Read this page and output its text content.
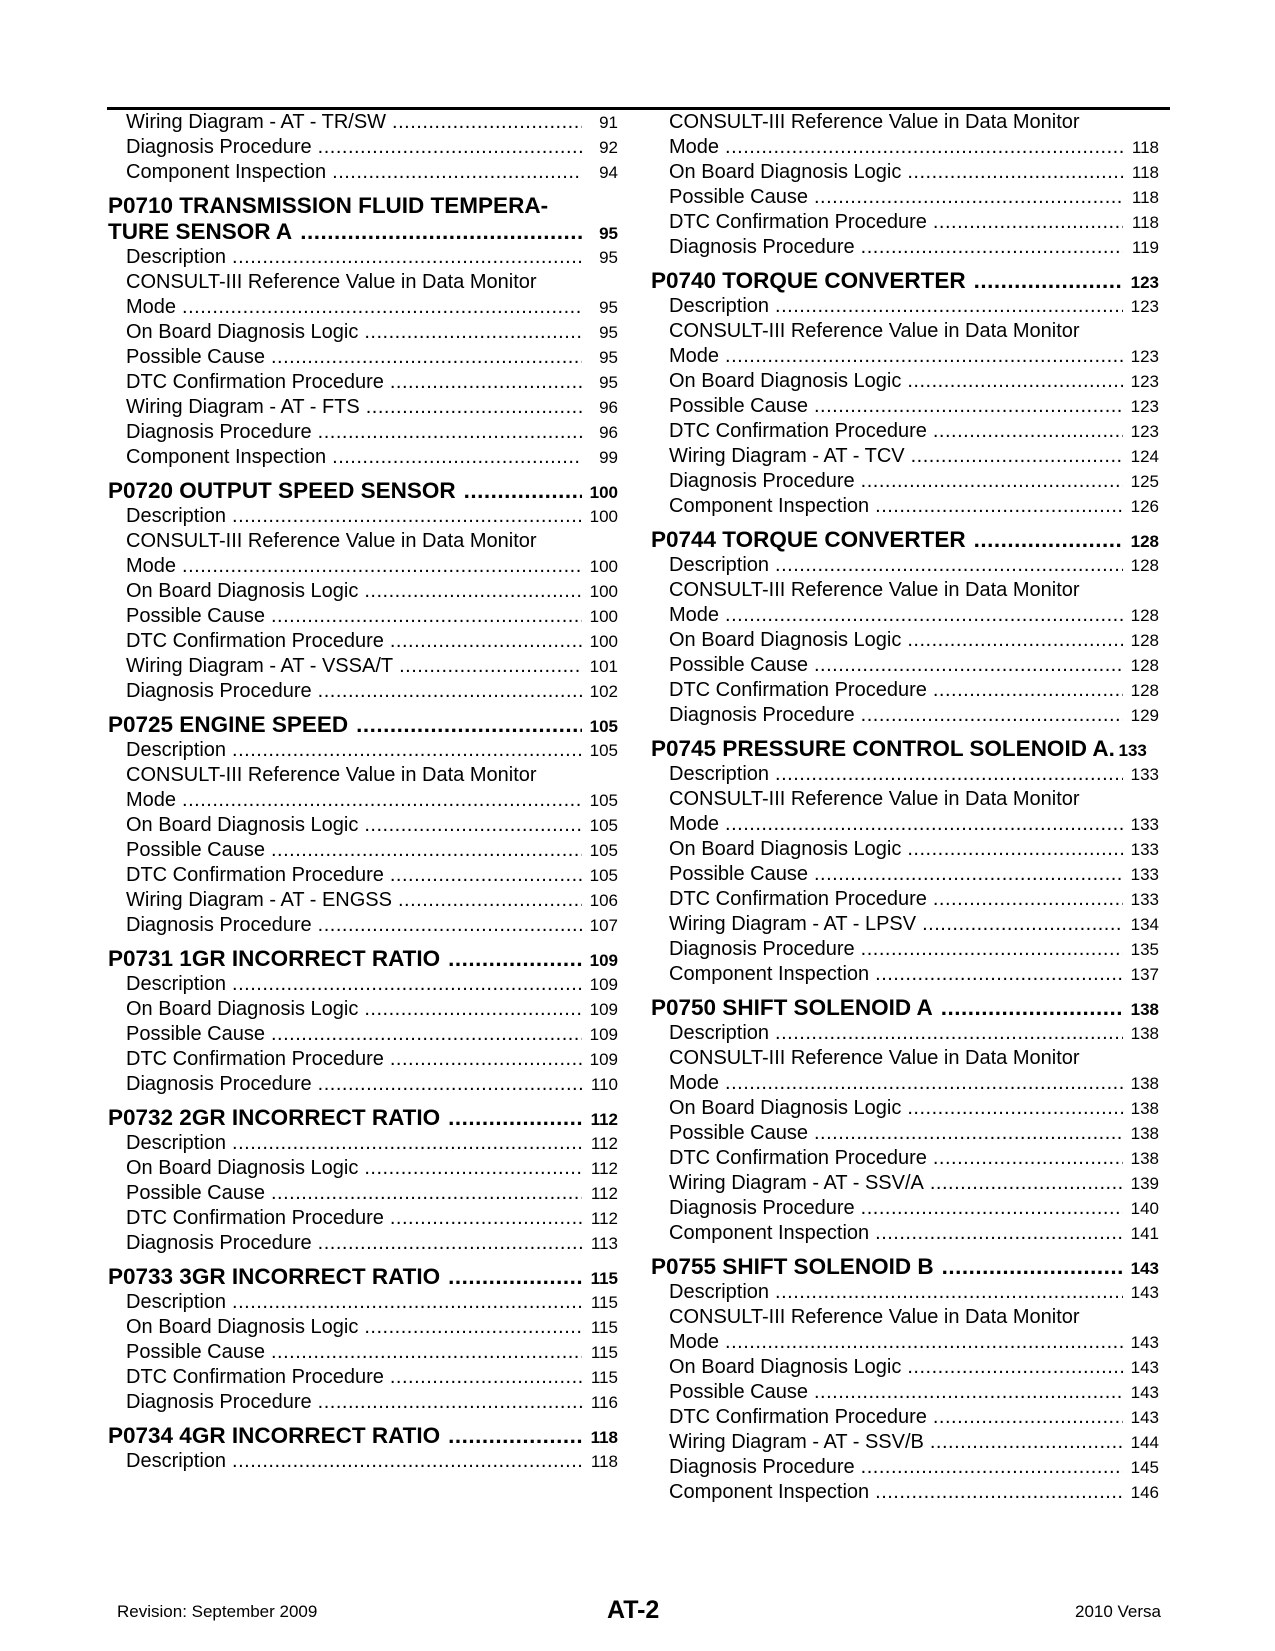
Wiring Diagram - AT - TR/SW .....	91
Diagnosis Procedure .....	92
Component Inspection .....	94
P0710 TRANSMISSION FLUID TEMPERA-
TURE SENSOR A .....	95
Description .....	95
CONSULT-III Reference Value in Data Monitor
Mode .....	95
On Board Diagnosis Logic .....	95
Possible Cause .....	95
DTC Confirmation Procedure .....	95
Wiring Diagram - AT - FTS .....	96
Diagnosis Procedure .....	96
Component Inspection .....	99
P0720 OUTPUT SPEED SENSOR .....	100
Description .....	100
CONSULT-III Reference Value in Data Monitor
Mode .....	100
On Board Diagnosis Logic .....	100
Possible Cause .....	100
DTC Confirmation Procedure .....	100
Wiring Diagram - AT - VSSA/T .....	101
Diagnosis Procedure .....	102
P0725 ENGINE SPEED .....	105
Description .....	105
CONSULT-III Reference Value in Data Monitor
Mode .....	105
On Board Diagnosis Logic .....	105
Possible Cause .....	105
DTC Confirmation Procedure .....	105
Wiring Diagram - AT - ENGSS .....	106
Diagnosis Procedure .....	107
P0731 1GR INCORRECT RATIO .....	109
Description .....	109
On Board Diagnosis Logic .....	109
Possible Cause .....	109
DTC Confirmation Procedure .....	109
Diagnosis Procedure .....	110
P0732 2GR INCORRECT RATIO .....	112
Description .....	112
On Board Diagnosis Logic .....	112
Possible Cause .....	112
DTC Confirmation Procedure .....	112
Diagnosis Procedure .....	113
P0733 3GR INCORRECT RATIO .....	115
Description .....	115
On Board Diagnosis Logic .....	115
Possible Cause .....	115
DTC Confirmation Procedure .....	115
Diagnosis Procedure .....	116
P0734 4GR INCORRECT RATIO .....	118
Description .....	118
CONSULT-III Reference Value in Data Monitor
Mode .....	118
On Board Diagnosis Logic .....	118
Possible Cause .....	118
DTC Confirmation Procedure .....	118
Diagnosis Procedure .....	119
P0740 TORQUE CONVERTER .....	123
Description .....	123
CONSULT-III Reference Value in Data Monitor
Mode .....	123
On Board Diagnosis Logic .....	123
Possible Cause .....	123
DTC Confirmation Procedure .....	123
Wiring Diagram - AT - TCV .....	124
Diagnosis Procedure .....	125
Component Inspection .....	126
P0744 TORQUE CONVERTER .....	128
Description .....	128
CONSULT-III Reference Value in Data Monitor
Mode .....	128
On Board Diagnosis Logic .....	128
Possible Cause .....	128
DTC Confirmation Procedure .....	128
Diagnosis Procedure .....	129
P0745 PRESSURE CONTROL SOLENOID A. 133
Description .....	133
CONSULT-III Reference Value in Data Monitor
Mode .....	133
On Board Diagnosis Logic .....	133
Possible Cause .....	133
DTC Confirmation Procedure .....	133
Wiring Diagram - AT - LPSV .....	134
Diagnosis Procedure .....	135
Component Inspection .....	137
P0750 SHIFT SOLENOID A .....	138
Description .....	138
CONSULT-III Reference Value in Data Monitor
Mode .....	138
On Board Diagnosis Logic .....	138
Possible Cause .....	138
DTC Confirmation Procedure .....	138
Wiring Diagram - AT - SSV/A .....	139
Diagnosis Procedure .....	140
Component Inspection .....	141
P0755 SHIFT SOLENOID B .....	143
Description .....	143
CONSULT-III Reference Value in Data Monitor
Mode .....	143
On Board Diagnosis Logic .....	143
Possible Cause .....	143
DTC Confirmation Procedure .....	143
Wiring Diagram - AT - SSV/B .....	144
Diagnosis Procedure .....	145
Component Inspection .....	146
Revision: September 2009	AT-2	2010 Versa
